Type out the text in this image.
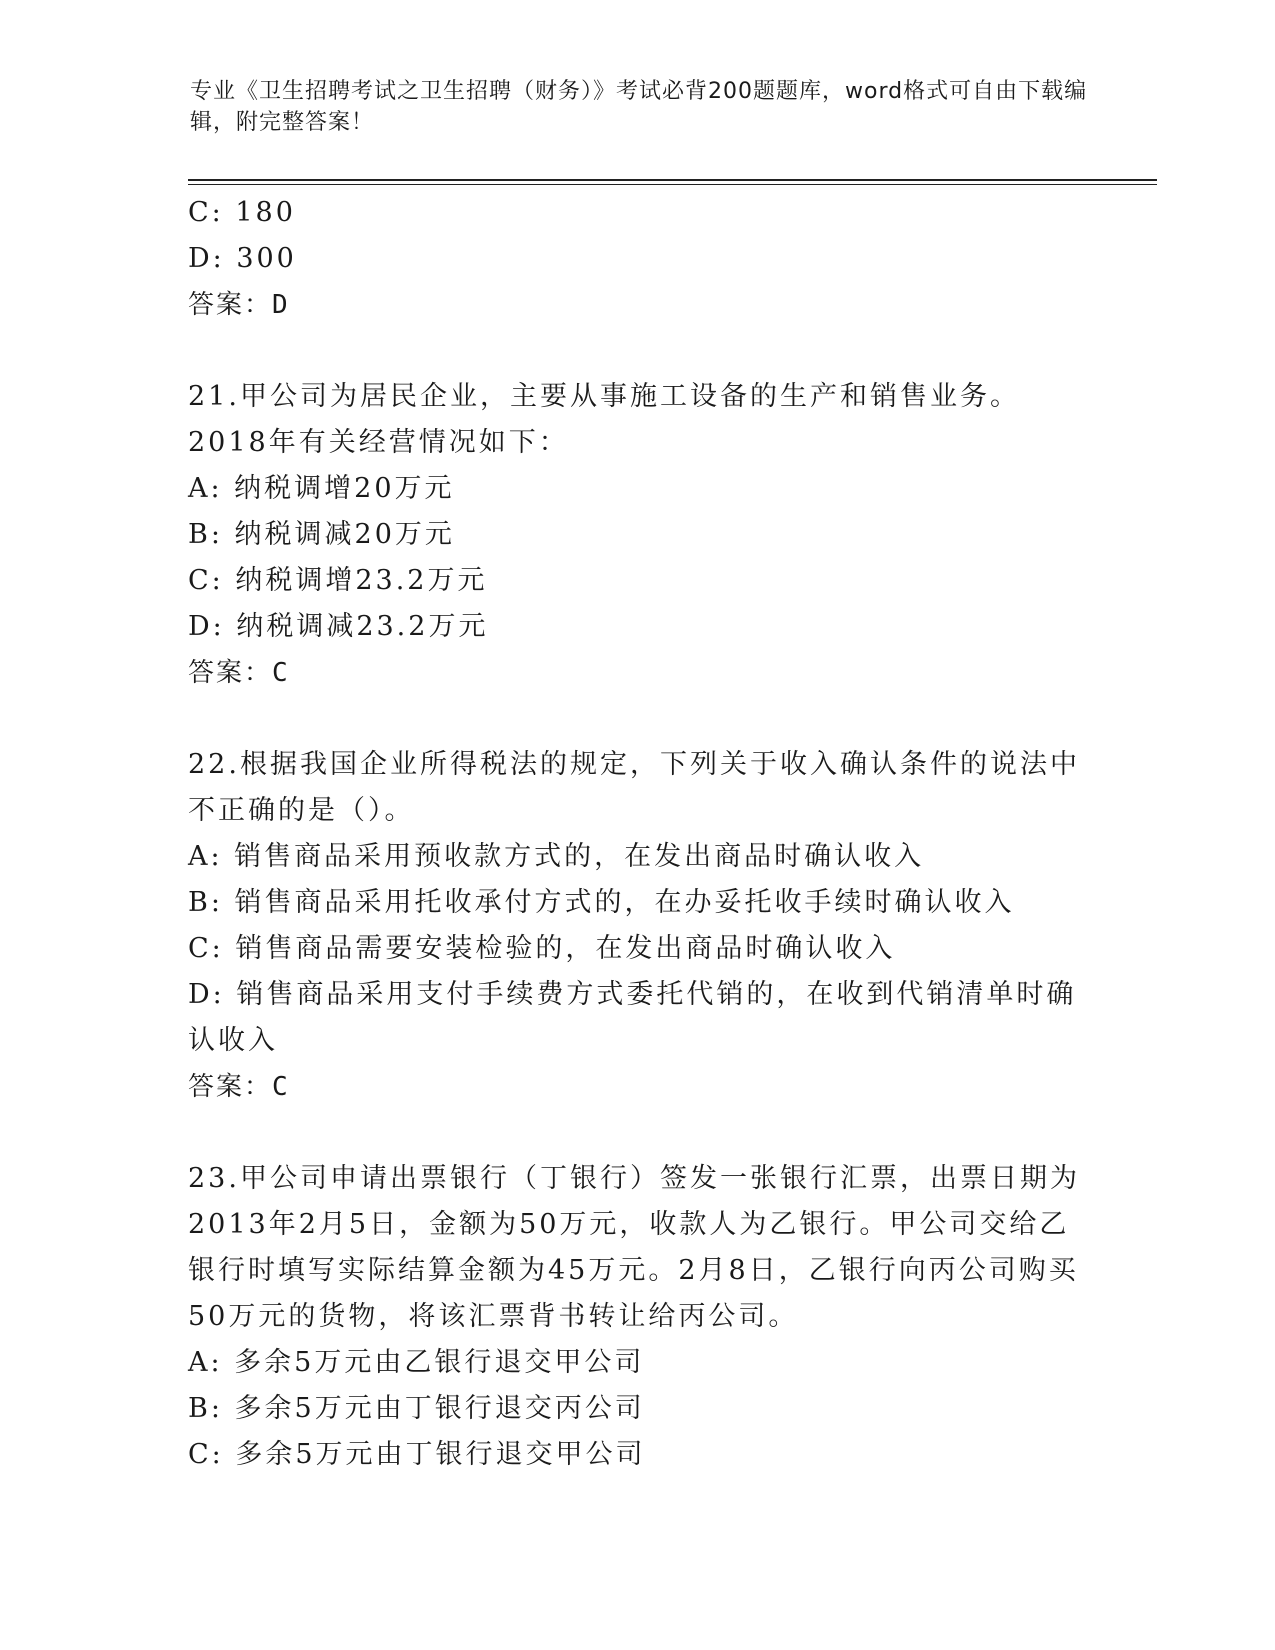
专业《卫生招聘考试之卫生招聘（财务）》考试必背200题题库，word格式可自由下载编辑，附完整答案！
C: 180
D: 300
答案：D
21.甲公司为居民企业，主要从事施工设备的生产和销售业务。2018年有关经营情况如下：
A: 纳税调增20万元
B: 纳税调减20万元
C: 纳税调增23.2万元
D: 纳税调减23.2万元
答案：C
22.根据我国企业所得税法的规定，下列关于收入确认条件的说法中不正确的是（）。
A: 销售商品采用预收款方式的，在发出商品时确认收入
B: 销售商品采用托收承付方式的，在办妥托收手续时确认收入
C: 销售商品需要安装检验的，在发出商品时确认收入
D: 销售商品采用支付手续费方式委托代销的，在收到代销清单时确认收入
答案：C
23.甲公司申请出票银行（丁银行）签发一张银行汇票，出票日期为2013年2月5日，金额为50万元，收款人为乙银行。甲公司交给乙银行时填写实际结算金额为45万元。2月8日，乙银行向丙公司购买50万元的货物，将该汇票背书转让给丙公司。
A: 多余5万元由乙银行退交甲公司
B: 多余5万元由丁银行退交丙公司
C: 多余5万元由丁银行退交甲公司
